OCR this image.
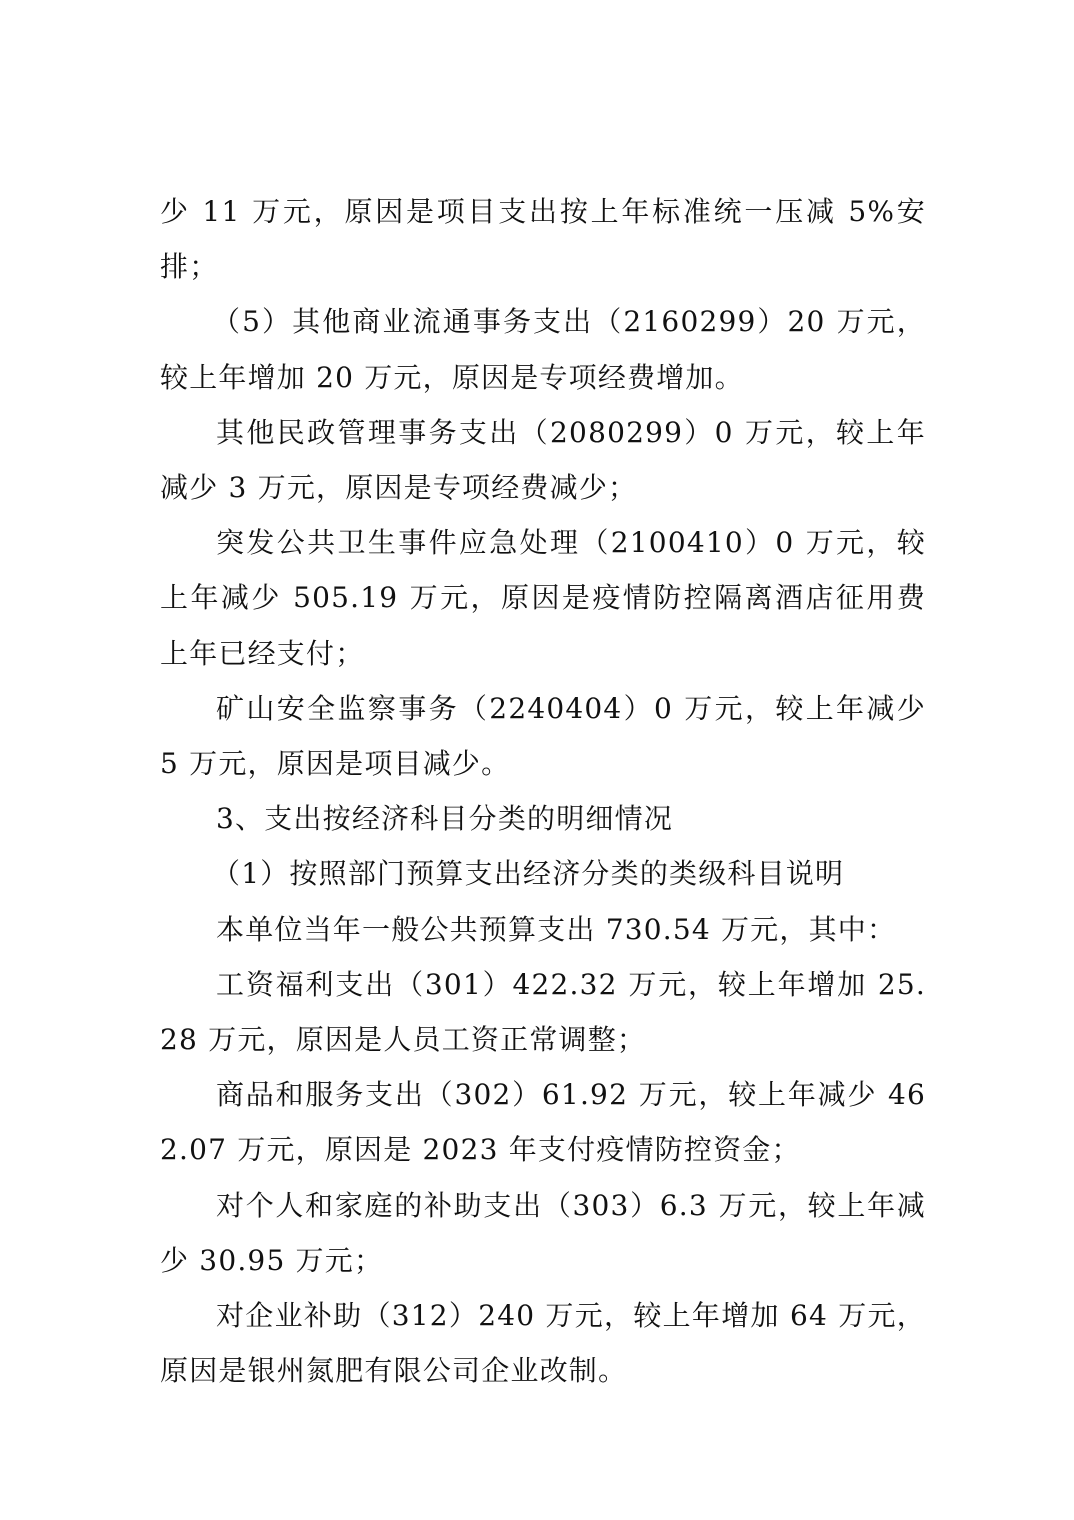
少 11 万元，原因是项目支出按上年标准统一压减 5%安排；

（5）其他商业流通事务支出（2160299）20 万元，较上年增加 20 万元，原因是专项经费增加。

其他民政管理事务支出（2080299）0 万元，较上年减少 3 万元，原因是专项经费减少；

突发公共卫生事件应急处理（2100410）0 万元，较上年减少 505.19 万元，原因是疫情防控隔离酒店征用费上年已经支付；

矿山安全监察事务（2240404）0 万元，较上年减少 5 万元，原因是项目减少。

3、支出按经济科目分类的明细情况

（1）按照部门预算支出经济分类的类级科目说明

本单位当年一般公共预算支出 730.54 万元，其中：

工资福利支出（301）422.32 万元，较上年增加 25.28 万元，原因是人员工资正常调整；

商品和服务支出（302）61.92 万元，较上年减少 462.07 万元，原因是 2023 年支付疫情防控资金；

对个人和家庭的补助支出（303）6.3 万元，较上年减少 30.95 万元；

对企业补助（312）240 万元，较上年增加 64 万元，原因是银州氮肥有限公司企业改制。
